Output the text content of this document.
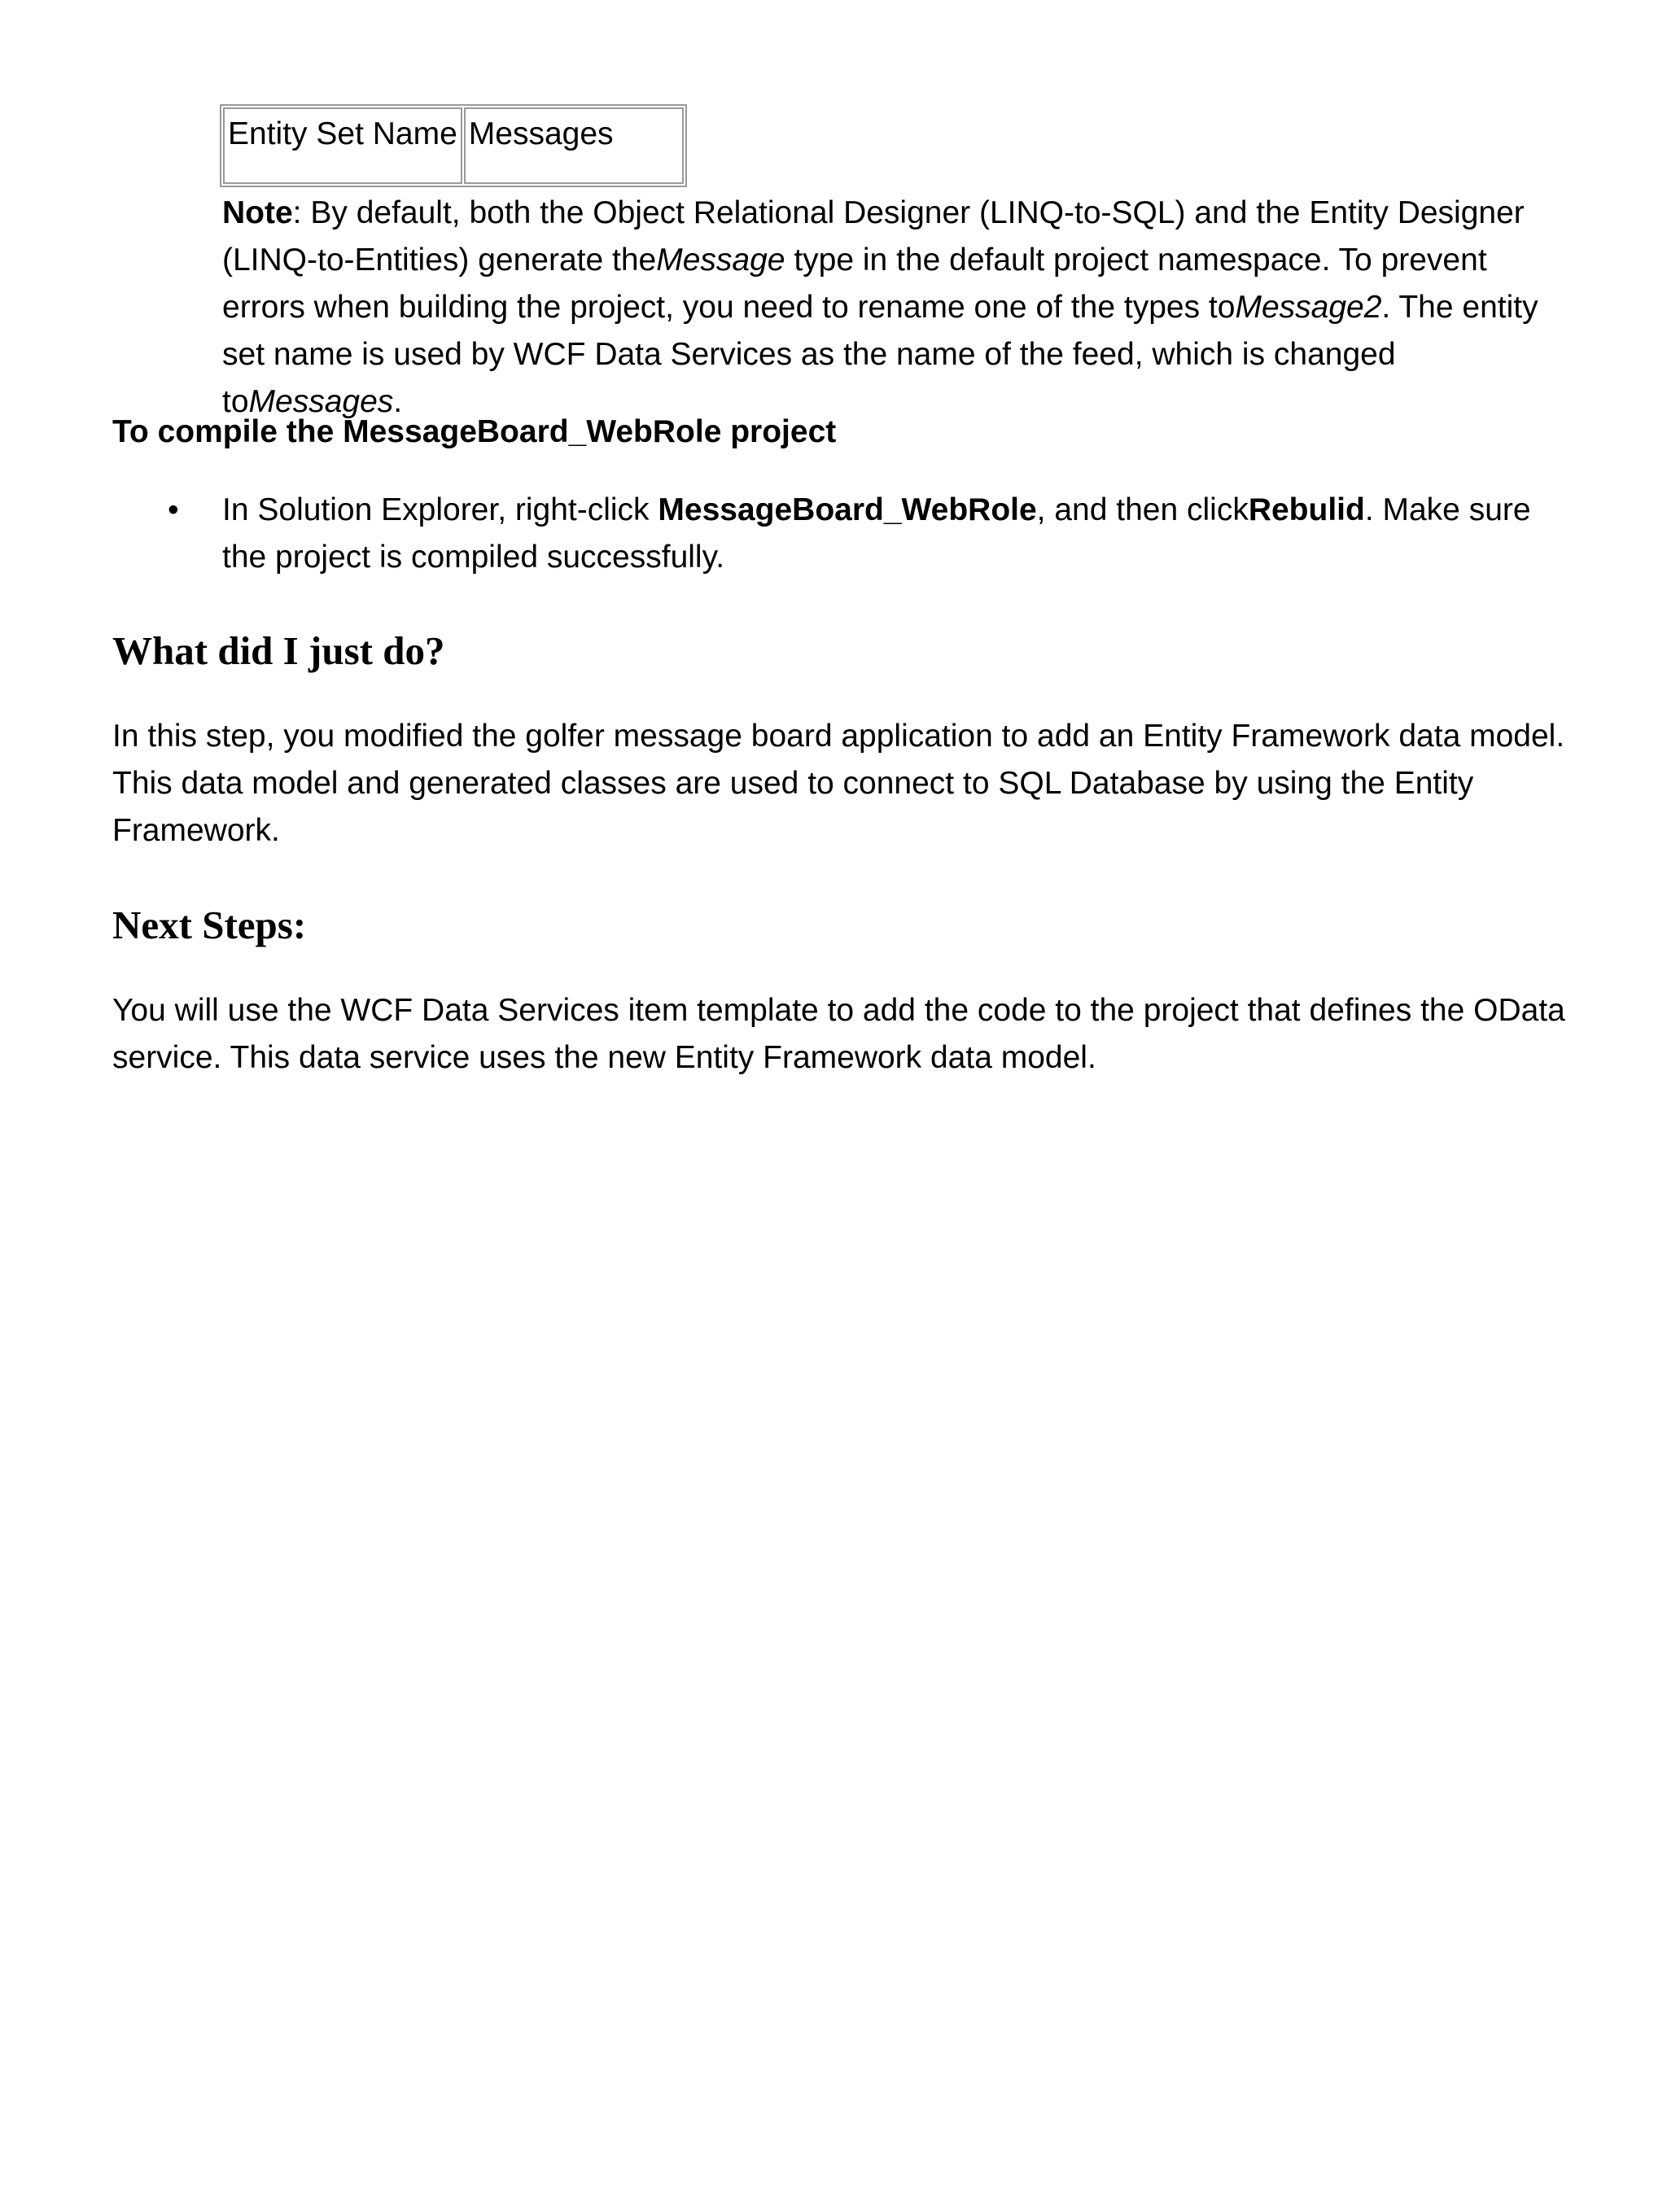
Entity Set Name	Messages

Note: By default, both the Object Relational Designer (LINQ-to-SQL) and the Entity Designer (LINQ-to-Entities) generate theMessage type in the default project namespace. To prevent errors when building the project, you need to rename one of the types toMessage2. The entity set name is used by WCF Data Services as the name of the feed, which is changed toMessages.

To compile the MessageBoard_WebRole project
• In Solution Explorer, right-click MessageBoard_WebRole, and then clickRebulid. Make sure the project is compiled successfully.
What did I just do?

In this step, you modified the golfer message board application to add an Entity Framework data model. This data model and generated classes are used to connect to SQL Database by using the Entity Framework.

Next Steps:

You will use the WCF Data Services item template to add the code to the project that defines the OData service. This data service uses the new Entity Framework data model.
